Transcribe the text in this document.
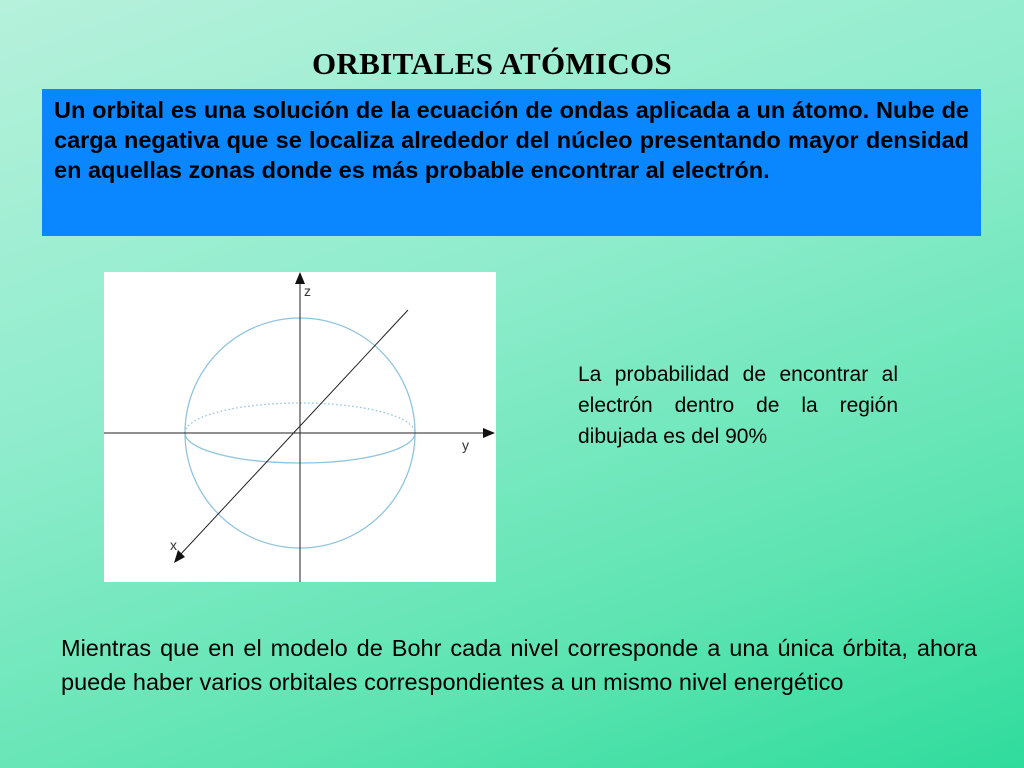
ORBITALES ATÓMICOS
Un orbital es una solución de la ecuación de ondas aplicada a un átomo. Nube de carga negativa que se localiza alrededor del núcleo presentando mayor densidad en aquellas zonas donde es más probable encontrar al electrón.
z
y
x
La probabilidad de encontrar al electrón dentro de la región dibujada es del 90%
Mientras que en el modelo de Bohr cada nivel corresponde a una única órbita, ahora puede haber varios orbitales correspondientes a un mismo nivel energético
